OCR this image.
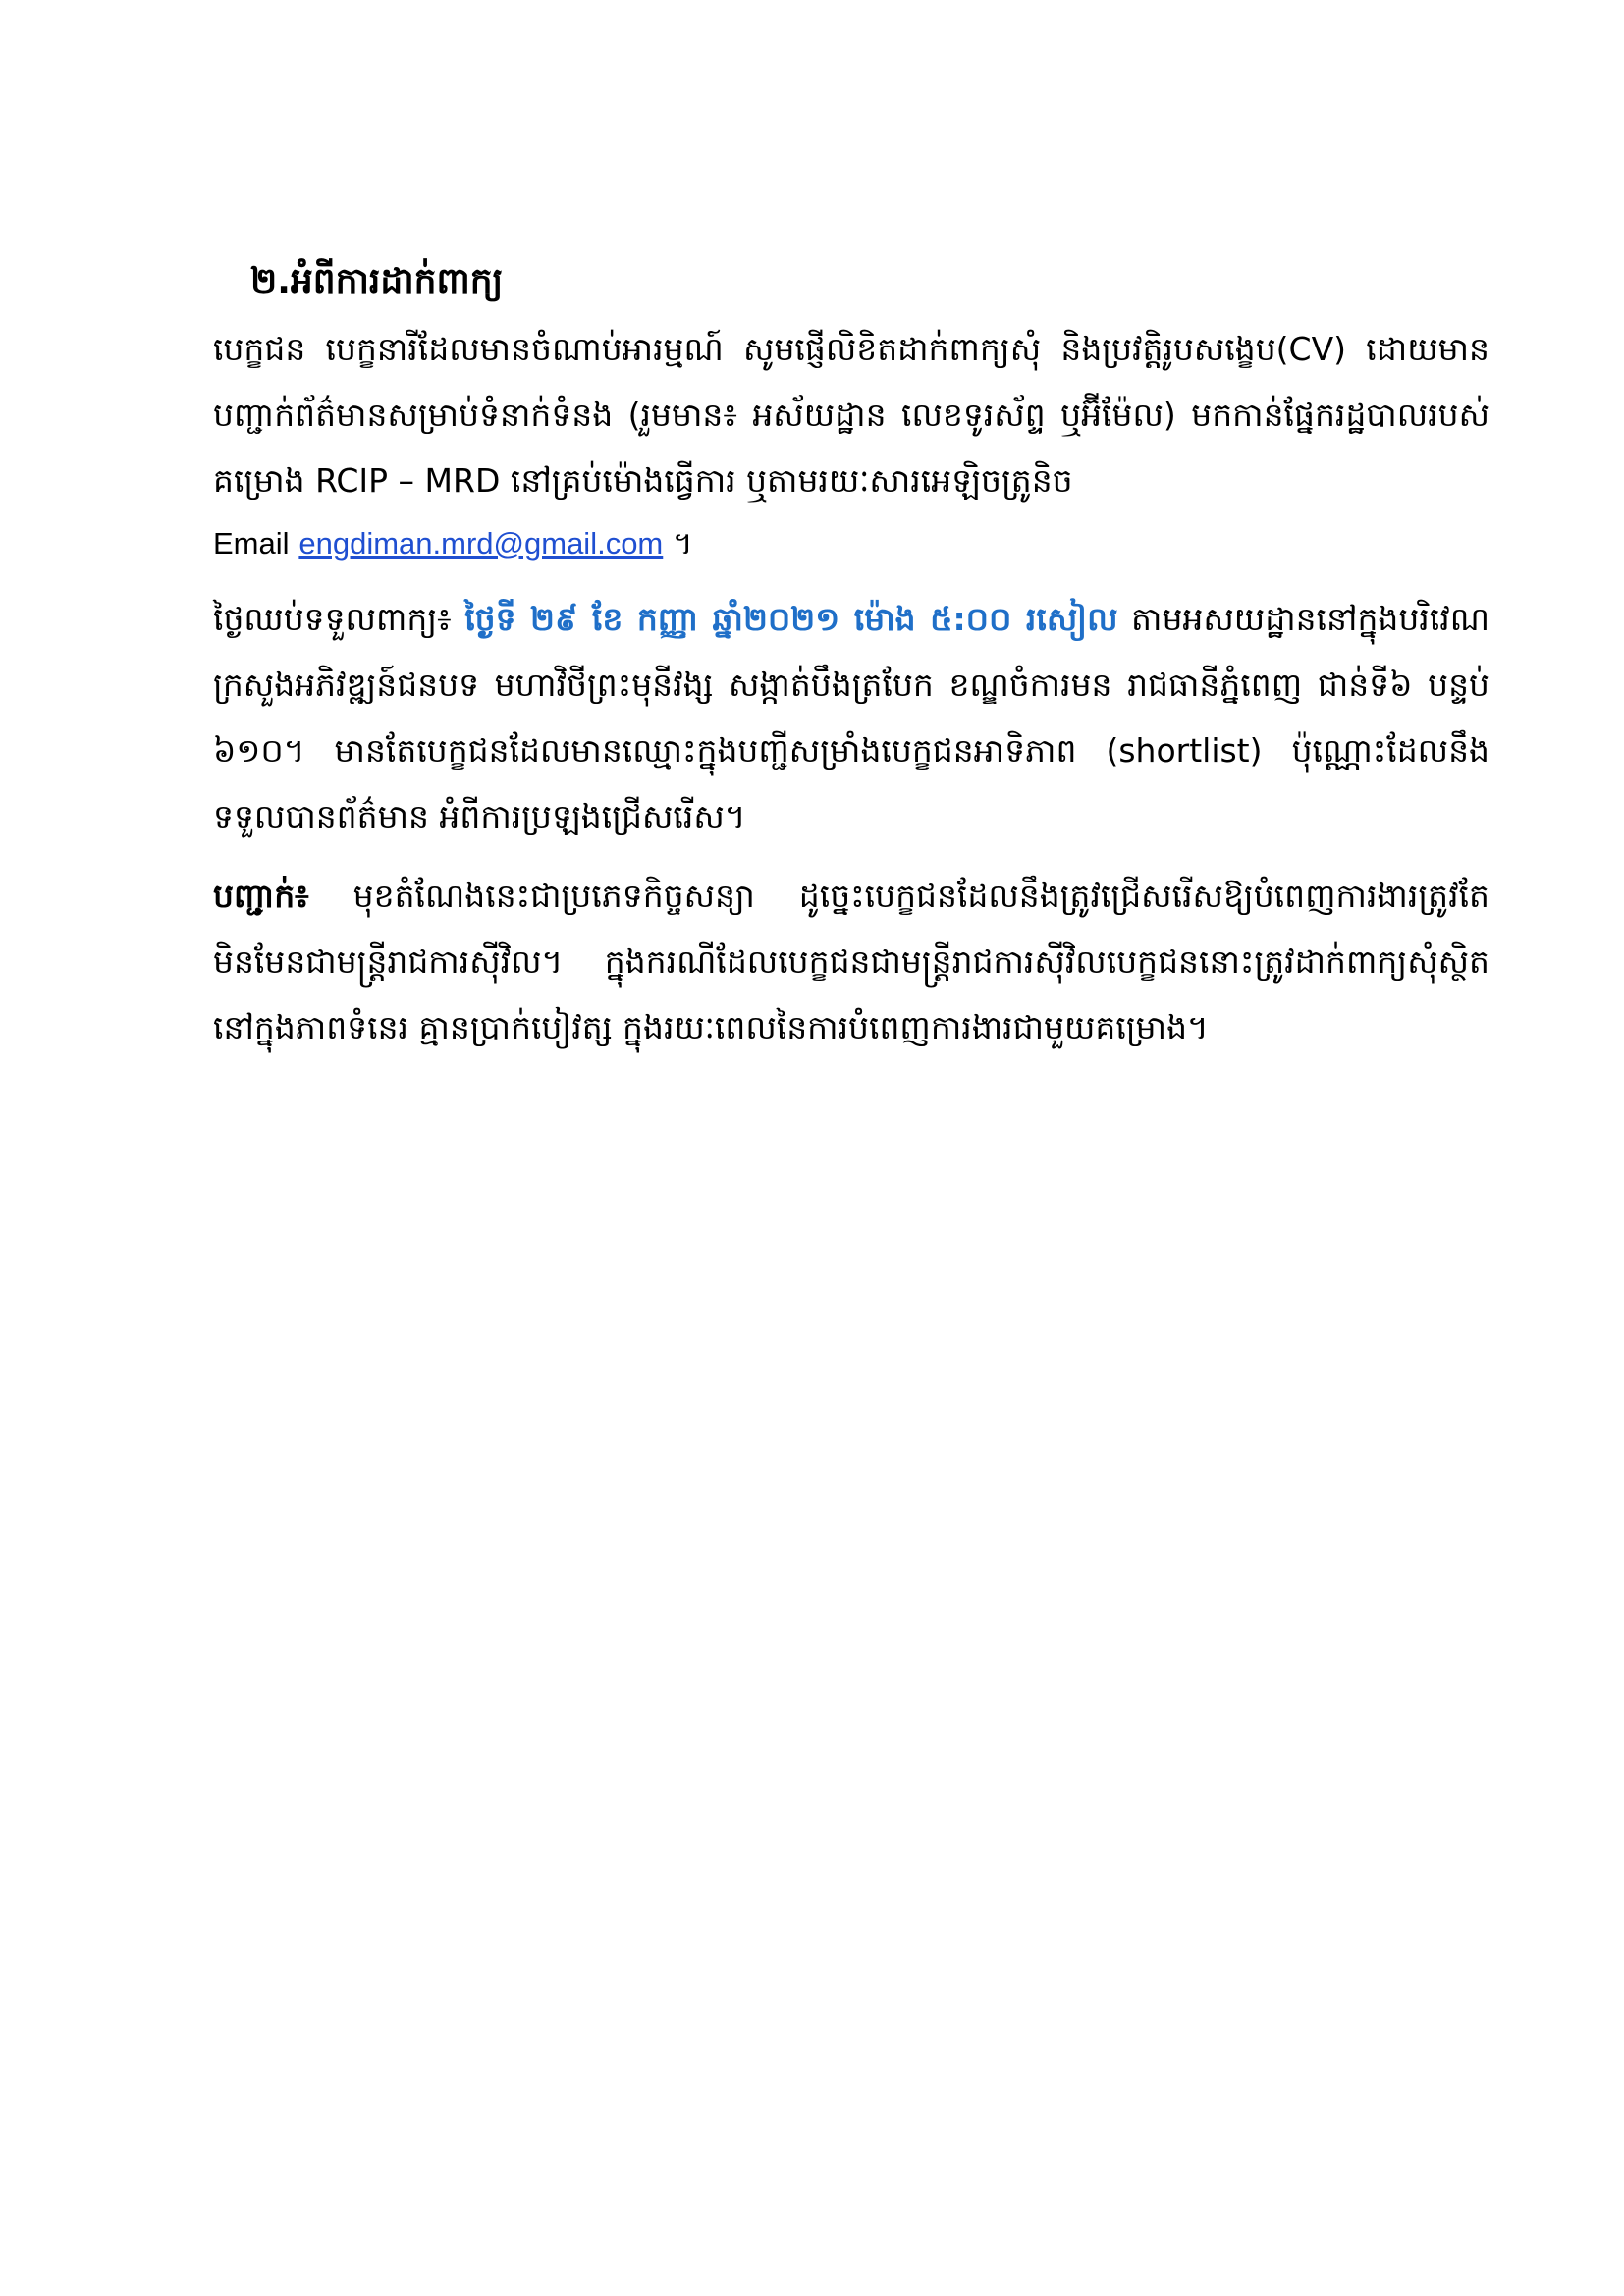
២.អំពីការដាក់ពាក្យ

បេក្ខជន បេក្ខនារីដែលមានចំណាប់អារម្មណ៍ សូមផ្ញើលិខិតដាក់ពាក្យសុំ និងប្រវត្តិរូបសង្ខេប(CV) ដោយមានបញ្ជាក់ព័ត៌មានសម្រាប់ទំនាក់ទំនង (រួមមាន៖ អស័យដ្ឋាន លេខទូរស័ព្ទ ឬអ៊ីម៉ែល) មកកាន់ផ្នែករដ្ឋបាលរបស់គម្រោង RCIP – MRD នៅគ្រប់ម៉ោងធ្វើការ ឬតាមរយៈសារអេឡិចត្រូនិច

Email engdiman.mrd@gmail.com ។

ថ្ងៃឈប់ទទួលពាក្យ៖ ថ្ងៃទី ២៩ ខែ កញ្ញា ឆ្នាំ២០២១ ម៉ោង ៥:០០ រសៀល តាមអសយដ្ឋាននៅក្នុងបរិវេណក្រសួងអភិវឌ្ឍន៍ជនបទ មហាវិថីព្រះមុនីវង្ស សង្កាត់បឹងត្របែក ខណ្ឌចំការមន រាជធានីភ្នំពេញ ជាន់ទី៦ បន្ទប់ ៦១០។ មានតែបេក្ខជនដែលមានឈ្មោះក្នុងបញ្ជីសម្រាំងបេក្ខជនអាទិភាព (shortlist) ប៉ុណ្ណោះដែលនឹងទទួលបានព័ត៌មាន អំពីការប្រឡងជ្រើសរើស។

បញ្ជាក់៖ មុខតំណែងនេះជាប្រភេទកិច្ចសន្យា ដូច្នេះបេក្ខជនដែលនឹងត្រូវជ្រើសរើសឱ្យបំពេញការងារត្រូវតែមិនមែនជាមន្ត្រីរាជការស៊ីវិល។ ក្នុងករណីដែលបេក្ខជនជាមន្ត្រីរាជការស៊ីវិលបេក្ខជននោះត្រូវដាក់ពាក្យសុំស្ថិតនៅក្នុងភាពទំនេរ គ្មានប្រាក់បៀវត្ស ក្នុងរយៈពេលនៃការបំពេញការងារជាមួយគម្រោង។
